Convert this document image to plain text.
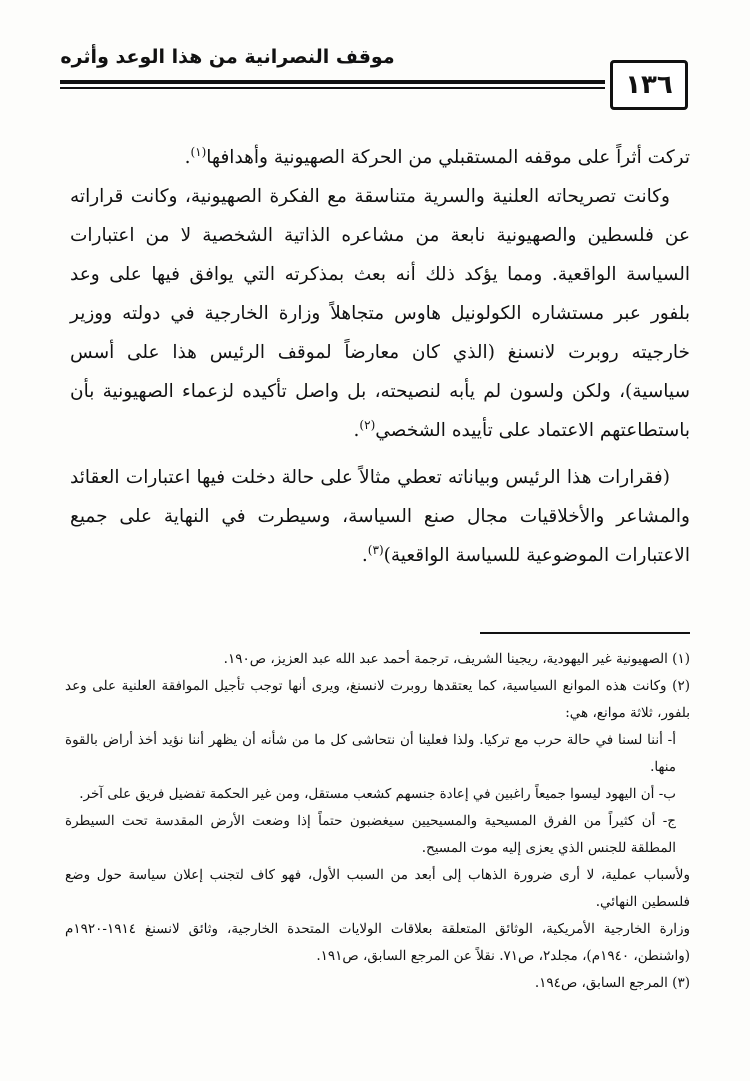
موقف النصرانية من هذا الوعد وأثره
١٣٦

تركت أثراً على موقفه المستقبلي من الحركة الصهيونية وأهدافها$^{(١)}$.

وكانت تصريحاته العلنية والسرية متناسقة مع الفكرة الصهيونية، وكانت قراراته عن فلسطين والصهيونية نابعة من مشاعره الذاتية الشخصية لا من اعتبارات السياسة الواقعية. ومما يؤكد ذلك أنه بعث بمذكرته التي يوافق فيها على وعد بلفور عبر مستشاره الكولونيل هاوس متجاهلاً وزارة الخارجية في دولته ووزير خارجيته روبرت لانسنغ (الذي كان معارضاً لموقف الرئيس هذا على أسس سياسية)، ولكن ولسون لم يأبه لنصيحته، بل واصل تأكيده لزعماء الصهيونية بأن باستطاعتهم الاعتماد على تأييده الشخصي$^{(٢)}$.

(فقرارات هذا الرئيس وبياناته تعطي مثالاً على حالة دخلت فيها اعتبارات العقائد والمشاعر والأخلاقيات مجال صنع السياسة، وسيطرت في النهاية على جميع الاعتبارات الموضوعية للسياسة الواقعية)$^{(٣)}$.

(١) الصهيونية غير اليهودية، ريجينا الشريف، ترجمة أحمد عبد الله عبد العزيز، ص١٩٠.

(٢) وكانت هذه الموانع السياسية، كما يعتقدها روبرت لانسنغ، ويرى أنها توجب تأجيل الموافقة العلنية على وعد بلفور، ثلاثة موانع، هي:

أ- أننا لسنا في حالة حرب مع تركيا. ولذا فعلينا أن نتحاشى كل ما من شأنه أن يظهر أننا نؤيد أخذ أراض بالقوة منها.

ب- أن اليهود ليسوا جميعاً راغبين في إعادة جنسهم كشعب مستقل، ومن غير الحكمة تفضيل فريق على آخر.

ج- أن كثيراً من الفرق المسيحية والمسيحيين سيغضبون حتماً إذا وضعت الأرض المقدسة تحت السيطرة المطلقة للجنس الذي يعزى إليه موت المسيح.

ولأسباب عملية، لا أرى ضرورة الذهاب إلى أبعد من السبب الأول، فهو كاف لتجنب إعلان سياسة حول وضع فلسطين النهائي.

وزارة الخارجية الأمريكية، الوثائق المتعلقة بعلاقات الولايات المتحدة الخارجية، وثائق لانسنغ ١٩١٤-١٩٢٠م (واشنطن، ١٩٤٠م)، مجلد٢، ص٧١. نقلاً عن المرجع السابق، ص١٩١.

(٣) المرجع السابق، ص١٩٤.
